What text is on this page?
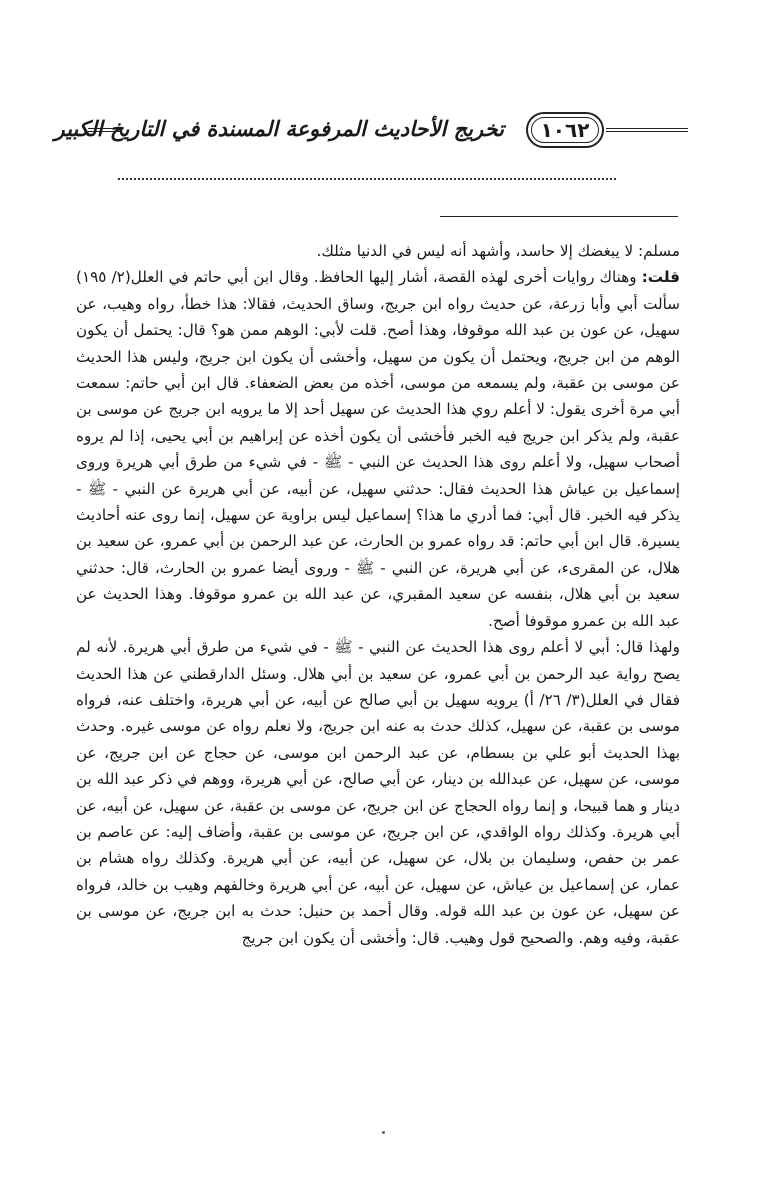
تخريج الأحاديث المرفوعة المسندة في التاريخ الكبير	١٠٦٢

مسلم: لا يبغضك إلا حاسد، وأشهد أنه ليس في الدنيا مثلك.

قلت: وهناك روايات أخرى لهذه القصة، أشار إليها الحافظ. وقال ابن أبي حاتم في العلل(٢/ ١٩٥) سألت أبي وأبا زرعة، عن حديث رواه ابن جريج، وساق الحديث، فقالا: هذا خطأ، رواه وهيب، عن سهيل، عن عون بن عبد الله موقوفا، وهذا أصح. قلت لأبي: الوهم ممن هو؟ قال: يحتمل أن يكون الوهم من ابن جريج، ويحتمل أن يكون من سهيل، وأخشى أن يكون ابن جريج، وليس هذا الحديث عن موسى بن عقبة، ولم يسمعه من موسى، أخذه من بعض الضعفاء. قال ابن أبي حاتم: سمعت أبي مرة أخرى يقول: لا أعلم روي هذا الحديث عن سهيل أحد إلا ما يرويه ابن جريج عن موسى بن عقبة، ولم يذكر ابن جريج فيه الخبر فأخشى أن يكون أخذه عن إبراهيم بن أبي يحيى، إذا لم يروه أصحاب سهيل، ولا أعلم روى هذا الحديث عن النبي - ﷺ - في شيء من طرق أبي هريرة وروى إسماعيل بن عياش هذا الحديث فقال: حدثني سهيل، عن أبيه، عن أبي هريرة عن النبي - ﷺ - يذكر فيه الخبر. قال أبي: فما أدري ما هذا؟ إسماعيل ليس براوية عن سهيل، إنما روى عنه أحاديث يسيرة. قال ابن أبي حاتم: قد رواه عمرو بن الحارث، عن عبد الرحمن بن أبي عمرو، عن سعيد بن هلال، عن المقرىء، عن أبي هريرة، عن النبي - ﷺ - وروى أيضا عمرو بن الحارث، قال: حدثني سعيد بن أبي هلال، بنفسه عن سعيد المقبري، عن عبد الله بن عمرو موقوفا. وهذا الحديث عن عبد الله بن عمرو موقوفا أصح.

ولهذا قال: أبي لا أعلم روى هذا الحديث عن النبي - ﷺ - في شيء من طرق أبي هريرة. لأنه لم يصح رواية عبد الرحمن بن أبي عمرو، عن سعيد بن أبي هلال. وسئل الدارقطني عن هذا الحديث فقال في العلل(٣/ ٢٦/ أ) يرويه سهيل بن أبي صالح عن أبيه، عن أبي هريرة، واختلف عنه، فرواه موسى بن عقبة، عن سهيل، كذلك حدث به عنه ابن جريج، ولا نعلم رواه عن موسى غيره. وحدث بهذا الحديث أبو علي بن بسطام، عن عبد الرحمن ابن موسى، عن حجاج عن ابن جريج، عن موسى، عن سهيل، عن عبدالله بن دينار، عن أبي صالح، عن أبي هريرة، ووهم في ذكر عبد الله بن دينار و هما قبيحا، و إنما رواه الحجاج عن ابن جريج، عن موسى بن عقبة، عن سهيل، عن أبيه، عن أبي هريرة. وكذلك رواه الواقدي، عن ابن جريج، عن موسى بن عقبة، وأضاف إليه: عن عاصم بن عمر بن حفص، وسليمان بن بلال، عن سهيل، عن أبيه، عن أبي هريرة. وكذلك رواه هشام بن عمار، عن إسماعيل بن عياش، عن سهيل، عن أبيه، عن أبي هريرة وخالفهم وهيب بن خالد، فرواه عن سهيل، عن عون بن عبد الله قوله. وقال أحمد بن حنبل: حدث به ابن جريج، عن موسى بن عقبة، وفيه وهم. والصحيح قول وهيب. قال: وأخشى أن يكون ابن جريج
